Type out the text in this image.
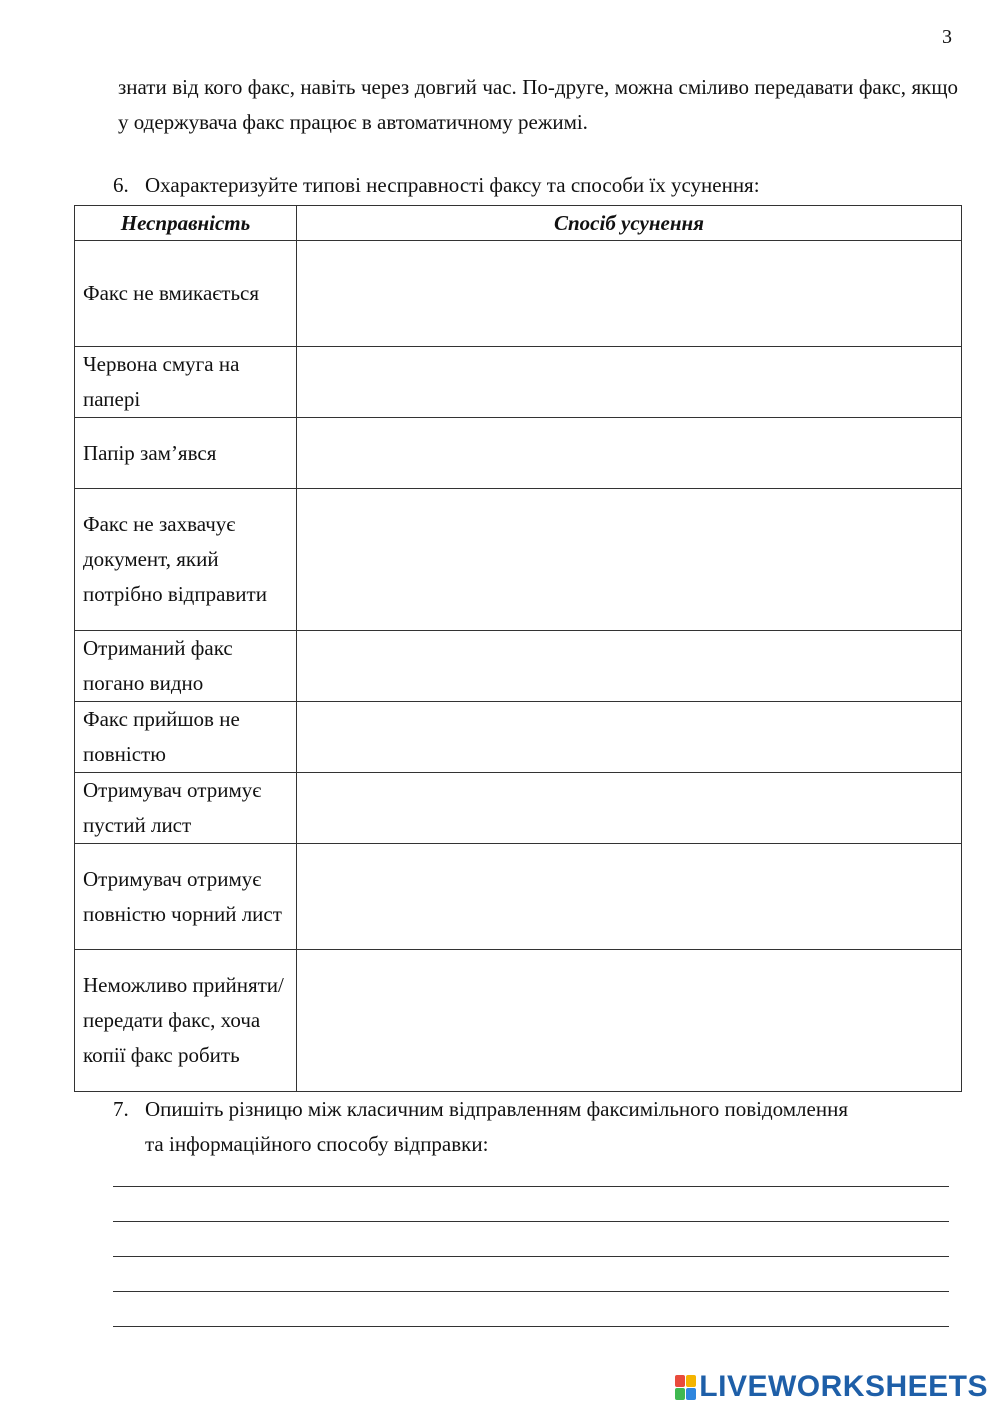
3

знати від кого факс, навіть через довгий час. По-друге, можна сміливо передавати факс, якщо у одержувача факс працює в автоматичному режимі.

6. Охарактеризуйте типові несправності факсу та способи їх усунення:

Несправність	Спосіб усунення
Факс не вмикається	

Червона смуга на папері	

Папір зам’явся	

Факс не захвачує документ, який потрібно відправити	

Отриманий факс погано видно	

Факс прийшов не повністю	

Отримувач отримує пустий лист	

Отримувач отримує повністю чорний лист	

Неможливо прийняти/ передати факс, хоча копії факс робить	
7. Опишіть різницю між класичним відправленням факсимільного повідомлення
та інформаційного способу відправки:
LIVEWORKSHEETS
